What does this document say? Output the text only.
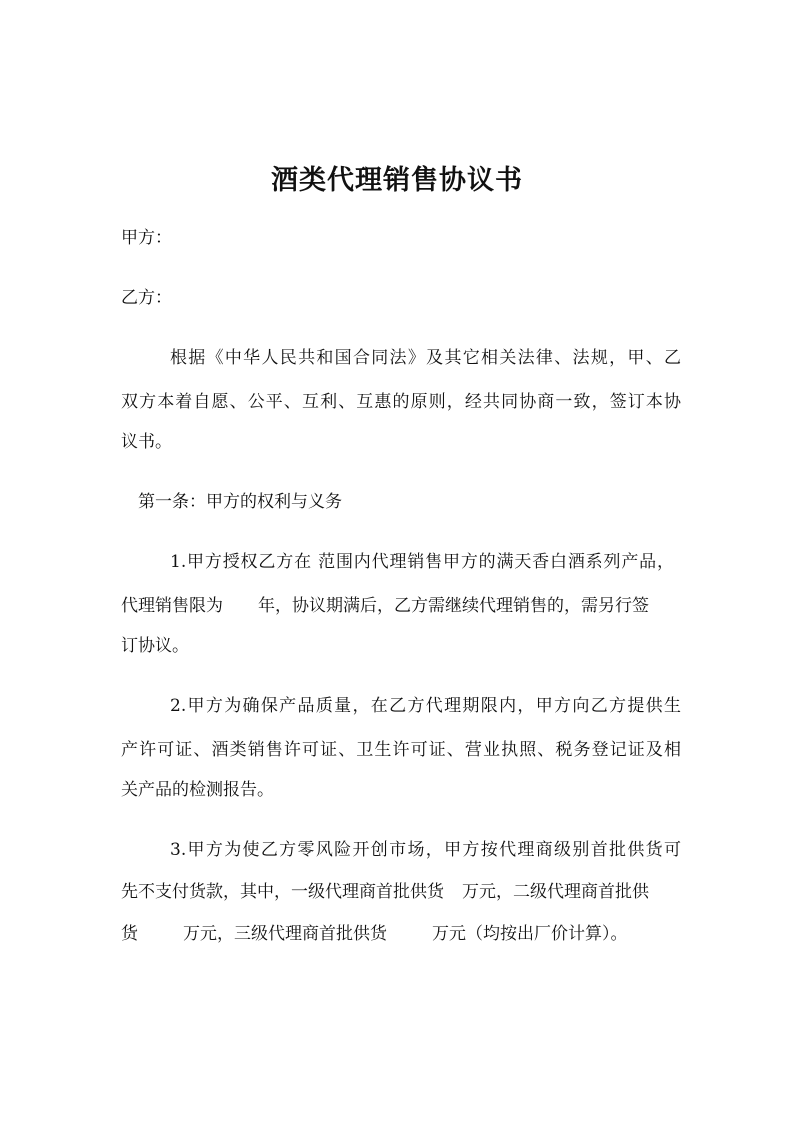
酒类代理销售协议书
甲方：
乙方：
根据《中华人民共和国合同法》及其它相关法律、法规，甲、乙
双方本着自愿、公平、互利、互惠的原则，经共同协商一致，签订本协
议书。
第一条：甲方的权利与义务
1.甲方授权乙方在 范围内代理销售甲方的满天香白酒系列产品，
代理销售限为 年，协议期满后，乙方需继续代理销售的，需另行签
订协议。
2.甲方为确保产品质量，在乙方代理期限内，甲方向乙方提供生
产许可证、酒类销售许可证、卫生许可证、营业执照、税务登记证及相
关产品的检测报告。
3.甲方为使乙方零风险开创市场，甲方按代理商级别首批供货可
先不支付货款，其中，一级代理商首批供货 万元，二级代理商首批供
货	万元，三级代理商首批供货	万元（均按出厂价计算）。
